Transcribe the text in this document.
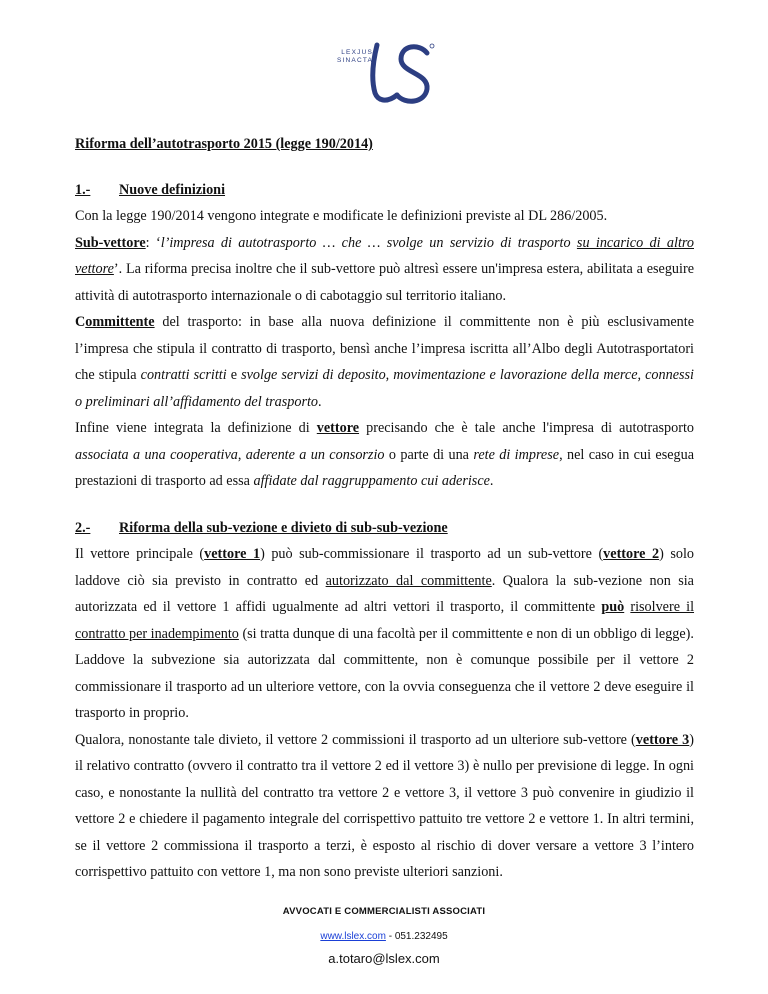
LEXJUS
SINACTA

Riforma dell’autotrasporto 2015 (legge 190/2014)

1.-	Nuove definizioni

Con la legge 190/2014 vengono integrate e modificate le definizioni previste al DL 286/2005.

Sub-vettore: ‘l’impresa di autotrasporto … che … svolge un servizio di trasporto su incarico di altro vettore’. La riforma precisa inoltre che il sub-vettore può altresì essere un'impresa estera, abilitata a eseguire attività di autotrasporto internazionale o di cabotaggio sul territorio italiano.

Committente del trasporto: in base alla nuova definizione il committente non è più esclusivamente l’impresa che stipula il contratto di trasporto, bensì anche l’impresa iscritta all’Albo degli Autotrasportatori che stipula contratti scritti e svolge servizi di deposito, movimentazione e lavorazione della merce, connessi o preliminari all’affidamento del trasporto.

Infine viene integrata la definizione di vettore precisando che è tale anche l'impresa di autotrasporto associata a una cooperativa, aderente a un consorzio o parte di una rete di imprese, nel caso in cui esegua prestazioni di trasporto ad essa affidate dal raggruppamento cui aderisce.

2.-	Riforma della sub-vezione e divieto di sub-sub-vezione

Il vettore principale (vettore 1) può sub-commissionare il trasporto ad un sub-vettore (vettore 2) solo laddove ciò sia previsto in contratto ed autorizzato dal committente. Qualora la sub-vezione non sia autorizzata ed il vettore 1 affidi ugualmente ad altri vettori il trasporto, il committente può risolvere il contratto per inadempimento (si tratta dunque di una facoltà per il committente e non di un obbligo di legge).

Laddove la subvezione sia autorizzata dal committente, non è comunque possibile per il vettore 2 commissionare il trasporto ad un ulteriore vettore, con la ovvia conseguenza che il vettore 2 deve eseguire il trasporto in proprio.

Qualora, nonostante tale divieto, il vettore 2 commissioni il trasporto ad un ulteriore sub-vettore (vettore 3) il relativo contratto (ovvero il contratto tra il vettore 2 ed il vettore 3) è nullo per previsione di legge. In ogni caso, e nonostante la nullità del contratto tra vettore 2 e vettore 3, il vettore 3 può convenire in giudizio il vettore 2 e chiedere il pagamento integrale del corrispettivo pattuito tre vettore 2 e vettore 1. In altri termini, se il vettore 2 commissiona il trasporto a terzi, è esposto al rischio di dover versare a vettore 3 l’intero corrispettivo pattuito con vettore 1, ma non sono previste ulteriori sanzioni.

AVVOCATI E COMMERCIALISTI ASSOCIATI
www.lslex.com - 051.232495
a.totaro@lslex.com
